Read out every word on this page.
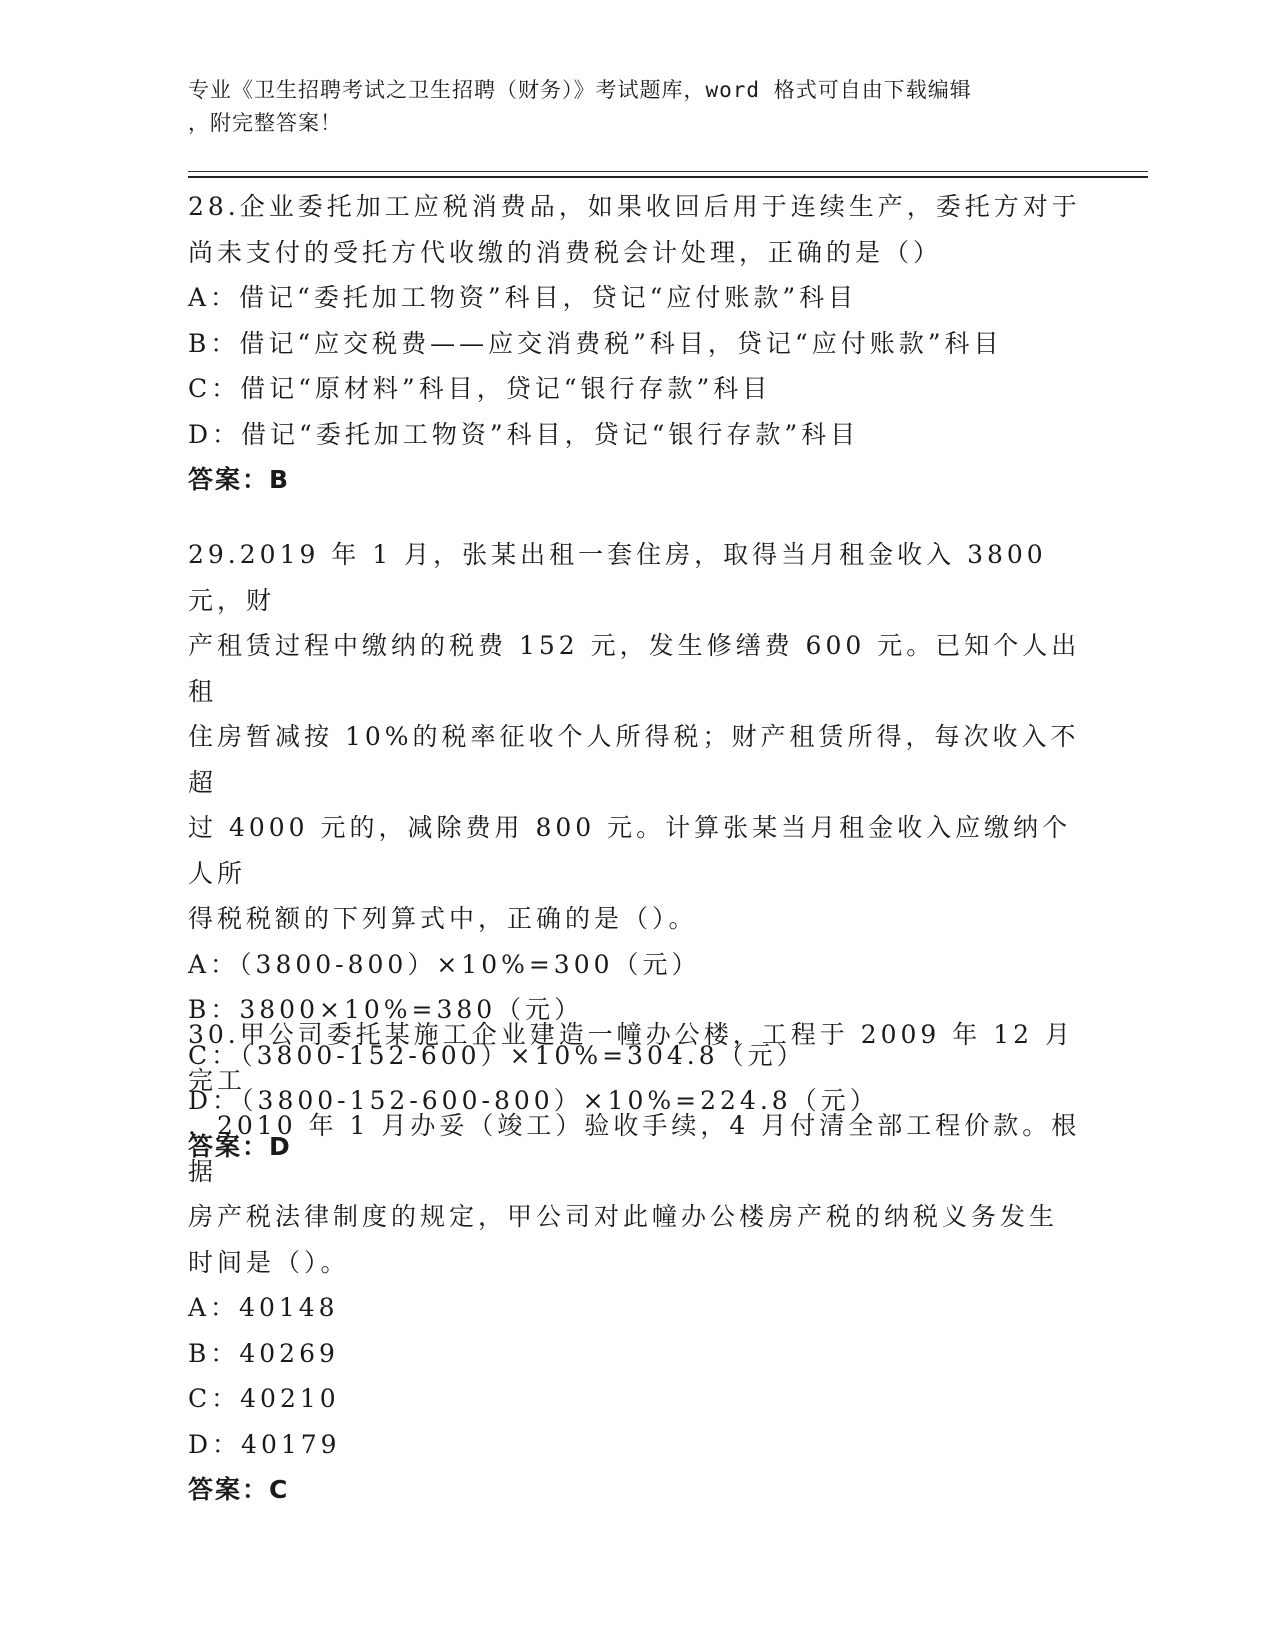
专业《卫生招聘考试之卫生招聘（财务）》考试题库，word 格式可自由下载编辑
，附完整答案！
28.企业委托加工应税消费品，如果收回后用于连续生产，委托方对于
尚未支付的受托方代收缴的消费税会计处理，正确的是（）
A：借记“委托加工物资”科目，贷记“应付账款”科目
B：借记“应交税费——应交消费税”科目，贷记“应付账款”科目
C：借记“原材料”科目，贷记“银行存款”科目
D：借记“委托加工物资”科目，贷记“银行存款”科目
答案：B
29.2019 年 1 月，张某出租一套住房，取得当月租金收入 3800 元，财
产租赁过程中缴纳的税费 152 元，发生修缮费 600 元。已知个人出租
住房暂减按 10%的税率征收个人所得税；财产租赁所得，每次收入不超
过 4000 元的，减除费用 800 元。计算张某当月租金收入应缴纳个人所
得税税额的下列算式中，正确的是（）。
A：（3800-800）×10%=300（元）
B：3800×10%=380（元）
C：（3800-152-600）×10%=304.8（元）
D：（3800-152-600-800）×10%=224.8（元）
答案：D
30.甲公司委托某施工企业建造一幢办公楼，工程于 2009 年 12 月完工
，2010 年 1 月办妥（竣工）验收手续，4 月付清全部工程价款。根据
房产税法律制度的规定，甲公司对此幢办公楼房产税的纳税义务发生
时间是（）。
A：40148
B：40269
C：40210
D：40179
答案：C
